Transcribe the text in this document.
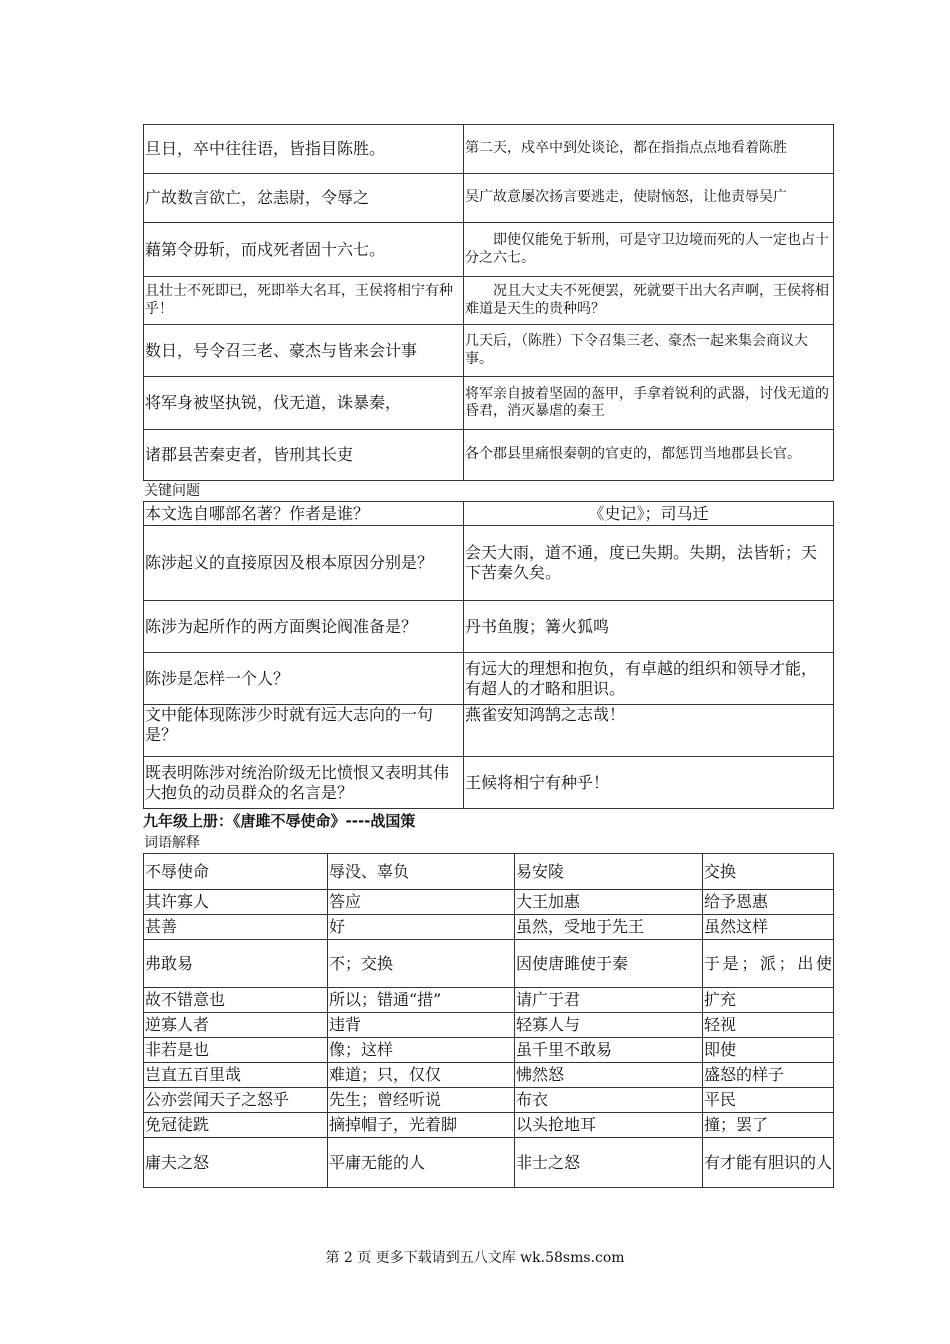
旦日，卒中往往语，皆指目陈胜。	第二天，戍卒中到处谈论，都在指指点点地看着陈胜
广故数言欲亡，忿恚尉，令辱之	吴广故意屡次扬言要逃走，使尉恼怒，让他责辱吴广
藉第令毋斩，而戍死者固十六七。	即使仅能免于斩刑，可是守卫边境而死的人一定也占十分之六七。
且壮士不死即已，死即举大名耳，王侯将相宁有种乎！	况且大丈夫不死便罢，死就要干出大名声啊，王侯将相难道是天生的贵种吗？
数日，号令召三老、豪杰与皆来会计事	几天后，（陈胜）下令召集三老、豪杰一起来集会商议大事。
将军身被坚执锐，伐无道，诛暴秦，	将军亲自披着坚固的盔甲，手拿着锐利的武器，讨伐无道的昏君，消灭暴虐的秦王
诸郡县苦秦吏者，皆刑其长吏	各个郡县里痛恨秦朝的官吏的，都惩罚当地郡县长官。
关键问题
本文选自哪部名著？作者是谁？	《史记》；司马迁
陈涉起义的直接原因及根本原因分别是？	会天大雨，道不通，度已失期。失期，法皆斩；天下苦秦久矣。
陈涉为起所作的两方面舆论阀准备是？	丹书鱼腹；篝火狐鸣
陈涉是怎样一个人？	有远大的理想和抱负，有卓越的组织和领导才能，有超人的才略和胆识。
文中能体现陈涉少时就有远大志向的一句是？	燕雀安知鸿鹄之志哉！
既表明陈涉对统治阶级无比愤恨又表明其伟大抱负的动员群众的名言是？	王候将相宁有种乎！
九年级上册：《唐雎不辱使命》----战国策
词语解释
不辱使命	辱没、辜负	易安陵	交换
其许寡人	答应	大王加惠	给予恩惠
甚善	好	虽然，受地于先王	虽然这样
弗敢易	不；交换	因使唐雎使于秦	于是；派；出使
故不错意也	所以；错通“措”	请广于君	扩充
逆寡人者	违背	轻寡人与	轻视
非若是也	像；这样	虽千里不敢易	即使
岂直五百里哉	难道；只，仅仅	怫然怒	盛怒的样子
公亦尝闻天子之怒乎	先生；曾经听说	布衣	平民
免冠徒跣	摘掉帽子，光着脚	以头抢地耳	撞；罢了
庸夫之怒	平庸无能的人	非士之怒	有才能有胆识的人
第 2 页 更多下载请到五八文库 wk.58sms.com
